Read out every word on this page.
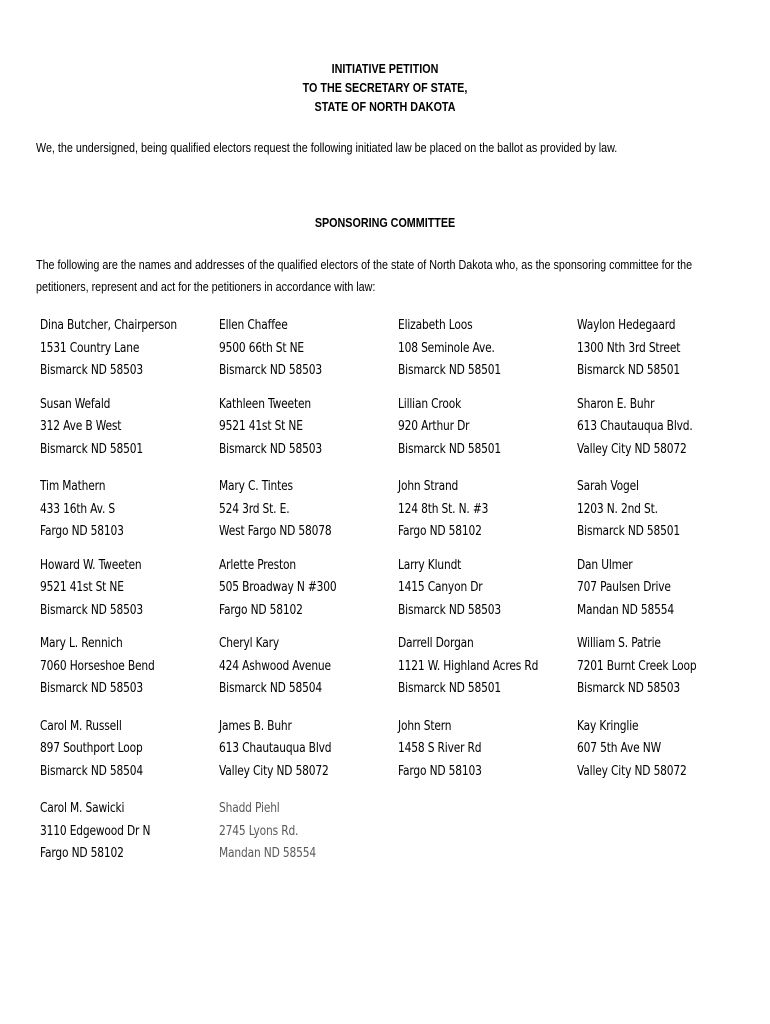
INITIATIVE PETITION
TO THE SECRETARY OF STATE,
STATE OF NORTH DAKOTA
We, the undersigned, being qualified electors request the following initiated law be placed on the ballot as provided by law.
SPONSORING COMMITTEE
The following are the names and addresses of the qualified electors of the state of North Dakota who, as the sponsoring committee for the petitioners, represent and act for the petitioners in accordance with law:
Dina Butcher, Chairperson
1531 Country Lane
Bismarck ND 58503
Ellen Chaffee
9500 66th St NE
Bismarck ND 58503
Elizabeth Loos
108 Seminole Ave.
Bismarck ND 58501
Waylon Hedegaard
1300 Nth 3rd Street
Bismarck ND 58501
Susan Wefald
312 Ave B West
Bismarck ND 58501
Kathleen Tweeten
9521 41st St NE
Bismarck ND 58503
Lillian Crook
920 Arthur Dr
Bismarck ND 58501
Sharon E. Buhr
613 Chautauqua Blvd.
Valley City ND 58072
Tim Mathern
433 16th Av. S
Fargo ND 58103
Mary C. Tintes
524 3rd St. E.
West Fargo ND 58078
John Strand
124 8th St. N. #3
Fargo ND 58102
Sarah Vogel
1203 N. 2nd St.
Bismarck ND 58501
Howard W. Tweeten
9521 41st St NE
Bismarck ND 58503
Arlette Preston
505 Broadway N #300
Fargo ND 58102
Larry Klundt
1415 Canyon Dr
Bismarck ND 58503
Dan Ulmer
707 Paulsen Drive
Mandan ND 58554
Mary L. Rennich
7060 Horseshoe Bend
Bismarck ND 58503
Cheryl Kary
424 Ashwood Avenue
Bismarck ND 58504
Darrell Dorgan
1121 W. Highland Acres Rd
Bismarck ND 58501
William S. Patrie
7201 Burnt Creek Loop
Bismarck ND 58503
Carol M. Russell
897 Southport Loop
Bismarck ND 58504
James B. Buhr
613 Chautauqua Blvd
Valley City ND 58072
John Stern
1458 S River Rd
Fargo ND 58103
Kay Kringlie
607 5th Ave NW
Valley City ND 58072
Carol M. Sawicki
3110 Edgewood Dr N
Fargo ND 58102
Shadd Piehl
2745 Lyons Rd.
Mandan ND 58554
